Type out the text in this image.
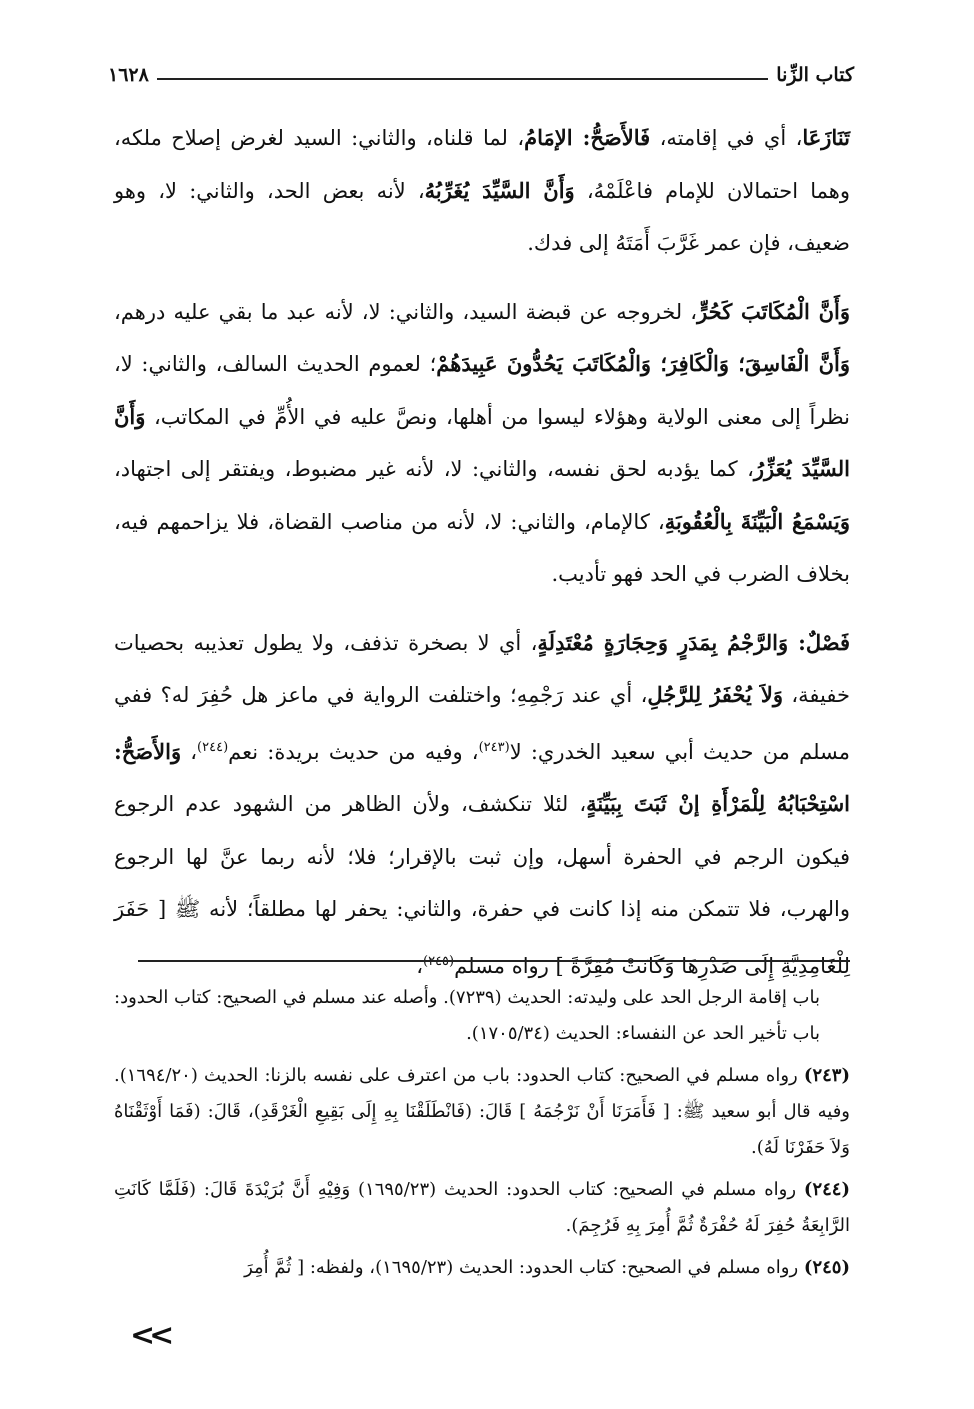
كتاب الزِّنا
١٦٢٨

تَنَازَعَا، أي في إقامته، فَالأَصَحُّ: الإمَامُ، لما قلناه، والثاني: السيد لغرض إصلاح ملكه، وهما احتمالان للإمام فاعْلَمْهُ، وَأَنَّ السَّيِّدَ يُغَرِّبُهُ، لأنه بعض الحد، والثاني: لا، وهو ضعيف، فإن عمر غَرَّبَ أَمَتَهُ إلى فدك.

وَأَنَّ الْمُكَاتَبَ كَحُرٍّ، لخروجه عن قبضة السيد، والثاني: لا، لأنه عبد ما بقي عليه درهم، وَأَنَّ الْفَاسِقَ؛ وَالْكَافِرَ؛ وَالْمُكَاتَبَ يَحُدُّونَ عَبِيدَهُمْ؛ لعموم الحديث السالف، والثاني: لا، نظراً إلى معنى الولاية وهؤلاء ليسوا من أهلها، ونصَّ عليه في الأُمِّ في المكاتب، وَأَنَّ السَّيِّدَ يُعَزِّرُ، كما يؤدبه لحق نفسه، والثاني: لا، لأنه غير مضبوط، ويفتقر إلى اجتهاد، وَيَسْمَعُ الْبَيِّنَةَ بِالْعُقُوبَةِ، كالإمام، والثاني: لا، لأنه من مناصب القضاة، فلا يزاحمهم فيه، بخلاف الضرب في الحد فهو تأديب.

فَصْلٌ: وَالرَّجْمُ بِمَدَرٍ وَحِجَارَةٍ مُعْتَدِلَةٍ، أي لا بصخرة تذفف، ولا يطول تعذيبه بحصيات خفيفة، وَلاَ يُحْفَرُ لِلرَّجُلِ، أي عند رَجْمِهِ؛ واختلفت الرواية في ماعز هل حُفِرَ له؟ ففي مسلم من حديث أبي سعيد الخدري: لا$^{(٢٤٣)}$، وفيه من حديث بريدة: نعم$^{(٢٤٤)}$، وَالأَصَحُّ: اسْتِحْبَابُهُ لِلْمَرْأَةِ إنْ ثَبَتَ بِبَيِّنَةٍ، لئلا تنكشف، ولأن الظاهر من الشهود عدم الرجوع فيكون الرجم في الحفرة أسهل، وإن ثبت بالإقرار؛ فلا؛ لأنه ربما عنَّ لها الرجوع والهرب، فلا تتمكن منه إذا كانت في حفرة، والثاني: يحفر لها مطلقاً؛ لأنه ﷺ [ حَفَرَ لِلْغَامِدِيَّةِ إِلَى صَدْرِهَا وَكَانَتْ مُقِرَّةً ] رواه مسلم$^{(٢٤٥)}$،

باب إقامة الرجل الحد على وليدته: الحديث (٧٢٣٩). وأصله عند مسلم في الصحيح: كتاب الحدود: باب تأخير الحد عن النفساء: الحديث (١٧٠٥/٣٤).

(٢٤٣) رواه مسلم في الصحيح: كتاب الحدود: باب من اعترف على نفسه بالزنا: الحديث (١٦٩٤/٢٠). وفيه قال أبو سعيد ﷺ: [ فَأَمَرَنَا أَنْ نَرْجُمَهُ ] قَالَ: (فَانْطَلَقْنَا بِهِ إِلَى بَقِيعِ الْغَرْقَدِ)، قَالَ: (فَمَا أَوْثَقْنَاهُ وَلاَ حَفَرْنَا لَهُ).

(٢٤٤) رواه مسلم في الصحيح: كتاب الحدود: الحديث (١٦٩٥/٢٣) وَفِيْهِ أَنَّ بُرَيْدَةَ قَالَ: (فَلَمَّا كَانَتِ الرَّابِعَةُ حُفِرَ لَهُ حُفْرَةٌ ثُمَّ أُمِرَ بِهِ فَرُجِمَ).

(٢٤٥) رواه مسلم في الصحيح: كتاب الحدود: الحديث (١٦٩٥/٢٣)، ولفظه: [ ثُمَّ أُمِرَ

<<
